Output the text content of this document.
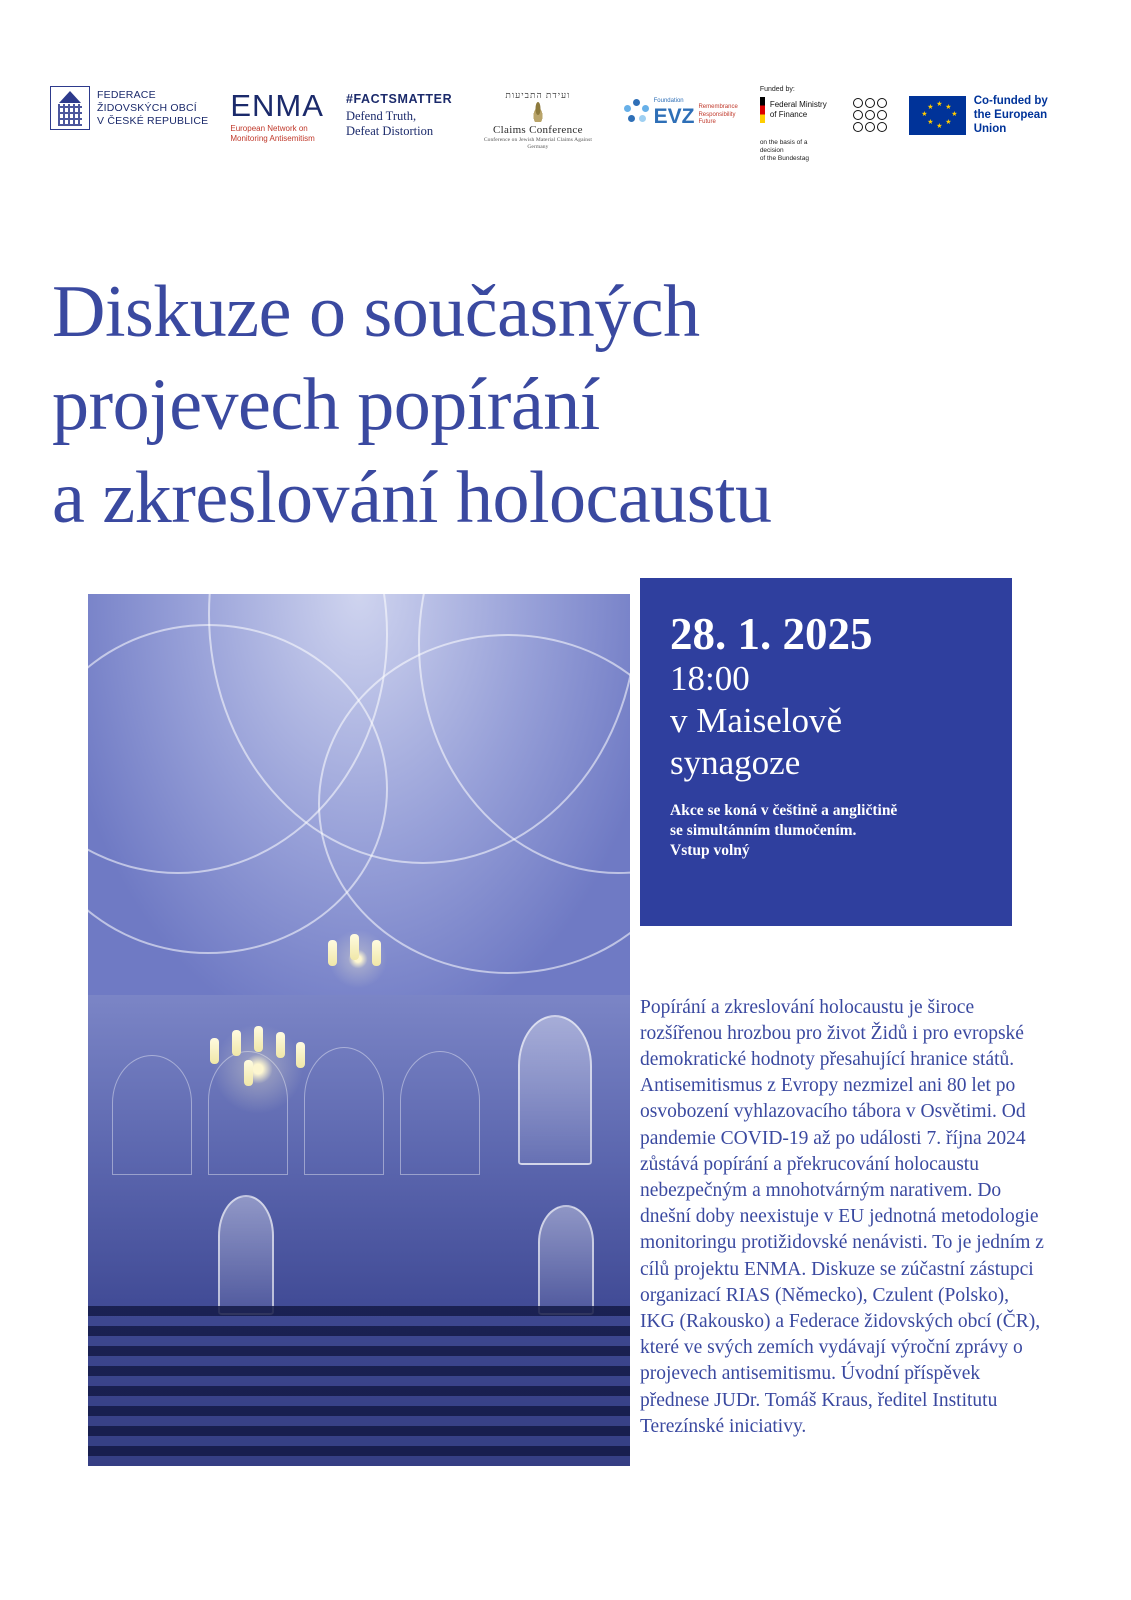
FEDERACE
ŽIDOVSKÝCH OBCÍ
V ČESKÉ REPUBLICE ENMA
European Network on
Monitoring Antisemitism
#FACTSMATTER
Defend Truth,
Defeat Distortion
ועידת התביעות
Claims Conference
Conference on Jewish Material Claims Against Germany
Foundation
EVZ Remembrance
Responsibility
Future
Funded by:
Federal Ministry
of Finance
on the basis of a decision
of the Bundestag
★ ★
★
★
★
★
★
★	Co-funded by
the European Union
Diskuze o současných
projevech popírání
a zkreslování holocaustu
28. 1. 2025
18:00
v Maiselově
synagoze
Akce se koná v češtině a angličtině
se simultánním tlumočením.
Vstup volný

Popírání a zkreslování holocaustu je široce rozšířenou hrozbou pro život Židů i pro evropské demokratické hodnoty přesahující hranice států. Antisemitismus z Evropy nezmizel ani 80 let po osvobození vyhlazovacího tábora v Osvětimi. Od pandemie COVID-19 až po události 7. října 2024 zůstává popírání a překrucování holocaustu nebezpečným a mnohotvárným narativem. Do dnešní doby neexistuje v EU jednotná metodologie monitoringu protižidovské nenávisti. To je jedním z cílů projektu ENMA. Diskuze se zúčastní zástupci organizací RIAS (Německo), Czulent (Polsko), IKG (Rakousko) a Federace židovských obcí (ČR), které ve svých zemích vydávají výroční zprávy o projevech antisemitismu. Úvodní příspěvek přednese JUDr. Tomáš Kraus, ředitel Institutu Terezínské iniciativy.
